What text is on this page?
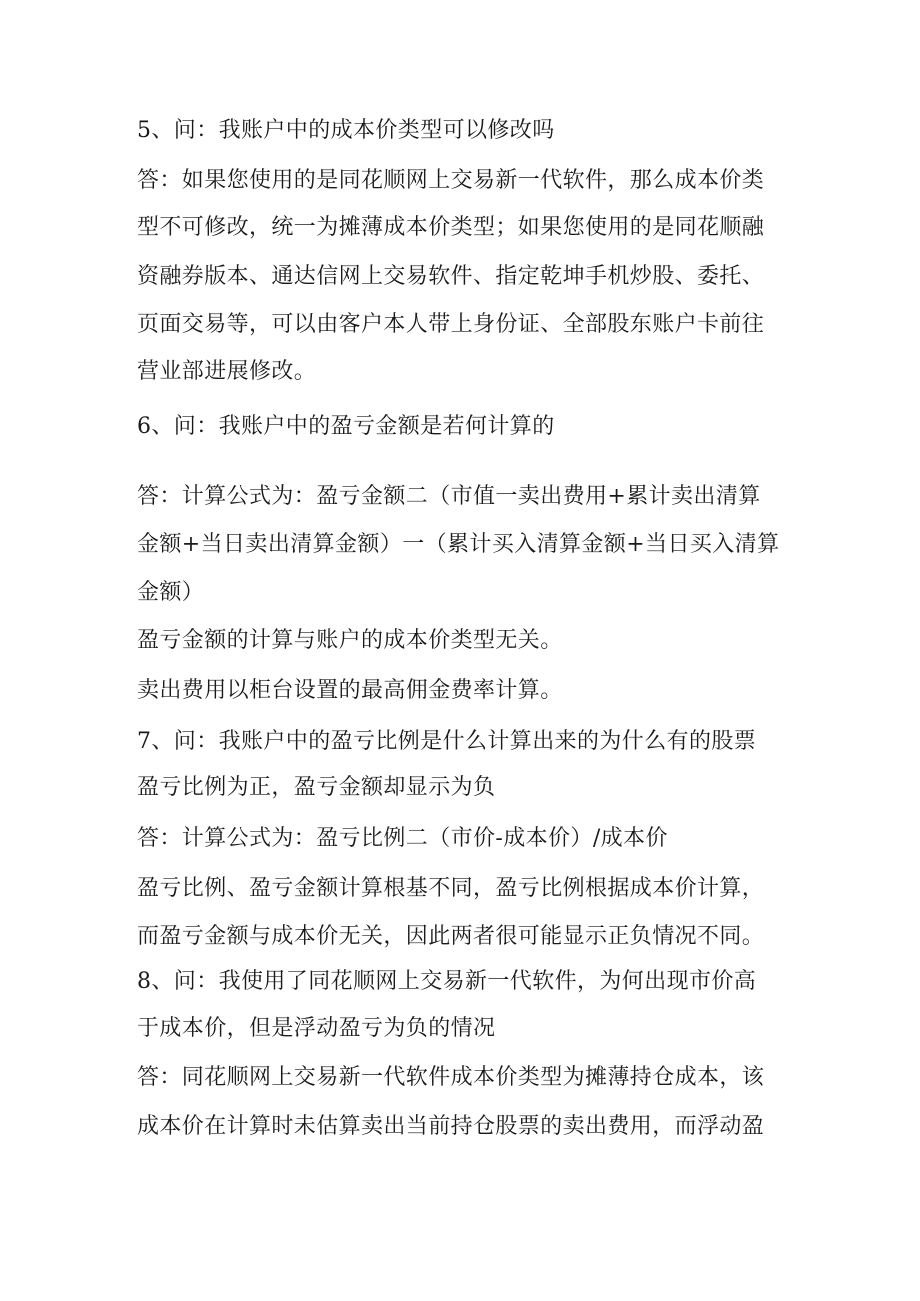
5、问：我账户中的成本价类型可以修改吗

答：如果您使用的是同花顺网上交易新一代软件，那么成本价类

型不可修改，统一为摊薄成本价类型；如果您使用的是同花顺融

资融券版本、通达信网上交易软件、指定乾坤手机炒股、委托、

页面交易等，可以由客户本人带上身份证、全部股东账户卡前往

营业部进展修改。

6、问：我账户中的盈亏金额是若何计算的

答：计算公式为：盈亏金额二（市值一卖出费用+累计卖出清算

金额+当日卖出清算金额）一（累计买入清算金额+当日买入清算

金额）

盈亏金额的计算与账户的成本价类型无关。

卖出费用以柜台设置的最高佣金费率计算。

7、问：我账户中的盈亏比例是什么计算出来的为什么有的股票

盈亏比例为正，盈亏金额却显示为负

答：计算公式为：盈亏比例二（市价-成本价）/成本价

盈亏比例、盈亏金额计算根基不同，盈亏比例根据成本价计算，

而盈亏金额与成本价无关，因此两者很可能显示正负情况不同。

8、问：我使用了同花顺网上交易新一代软件，为何出现市价高

于成本价，但是浮动盈亏为负的情况

答：同花顺网上交易新一代软件成本价类型为摊薄持仓成本，该

成本价在计算时未估算卖出当前持仓股票的卖出费用，而浮动盈
